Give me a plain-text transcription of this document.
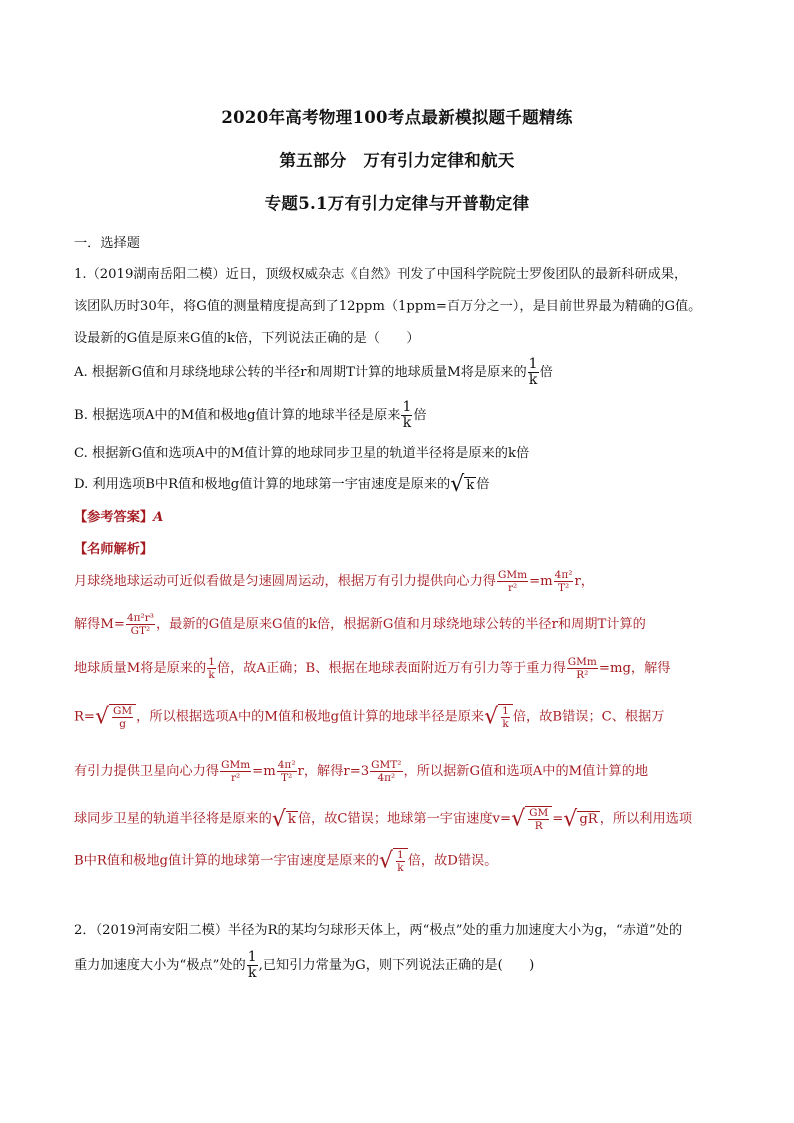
2020年高考物理100考点最新模拟题千题精练
第五部分　万有引力定律和航天
专题5.1万有引力定律与开普勒定律
一．选择题
1.（2019湖南岳阳二模）近日，顶级权威杂志《自然》刊发了中国科学院院士罗俊团队的最新科研成果，
该团队历时30年，将G值的测量精度提高到了12ppm（1ppm=百万分之一），是目前世界最为精确的G值。
设最新的G值是原来G值的k倍，下列说法正确的是（　　）
A. 根据新G值和月球绕地球公转的半径r和周期T计算的地球质量M将是原来的 $\frac{1}{k}$ 倍
B. 根据选项A中的M值和极地g值计算的地球半径是原来 $\frac{1}{k}$ 倍
C. 根据新G值和选项A中的M值计算的地球同步卫星的轨道半径将是原来的k倍
D. 利用选项B中R值和极地g值计算的地球第一宇宙速度是原来的√ k 倍
【参考答案】A
【名师解析】
月球绕地球运动可近似看做是匀速圆周运动，根据万有引力提供向心力得 $\frac{\text{GMm}}{\text{r²}} =m \frac{\text{4π²}}{\text{T²}}$ r，
解得$M= \frac{\text{4π²r³}}{\text{GT²}}$ ，最新的G值是原来G值的k倍，根据新G值和月球绕地球公转的半径r和周期T计算的
地球质量M将是原来的 $\frac{1}{k}$ 倍，故A正确；B、根据在地球表面附近万有引力等于重力得 $\frac{\text{GMm}}{\text{R²}} =mg$，解得
$R=√ \frac{GM}{g}$ ，所以根据选项A中的M值和极地g值计算的地球半径是原来√ $\frac{1}{k}$ 倍，故B错误；C、根据万
有引力提供卫星向心力得 $\frac{\text{GMm}}{\text{r²}} =m \frac{\text{4π²}}{\text{T²}}$ r，解得$r=3 \frac{\text{GMT²}}{\text{4π²}}$ ，所以据新G值和选项A中的M值计算的地
球同步卫星的轨道半径将是原来的√ k 倍，故C错误；地球第一宇宙速度$v=√ \frac{GM}{R}$ =√ gR ，所以利用选项
B中R值和极地g值计算的地球第一宇宙速度是原来的√ $\frac{1}{k}$ 倍，故D错误。
2．（2019河南安阳二模）半径为R的某均匀球形天体上，两“极点”处的重力加速度大小为g，“赤道”处的
重力加速度大小为“极点”处的 $\frac{1}{k}$ ,已知引力常量为G，则下列说法正确的是(　　)
